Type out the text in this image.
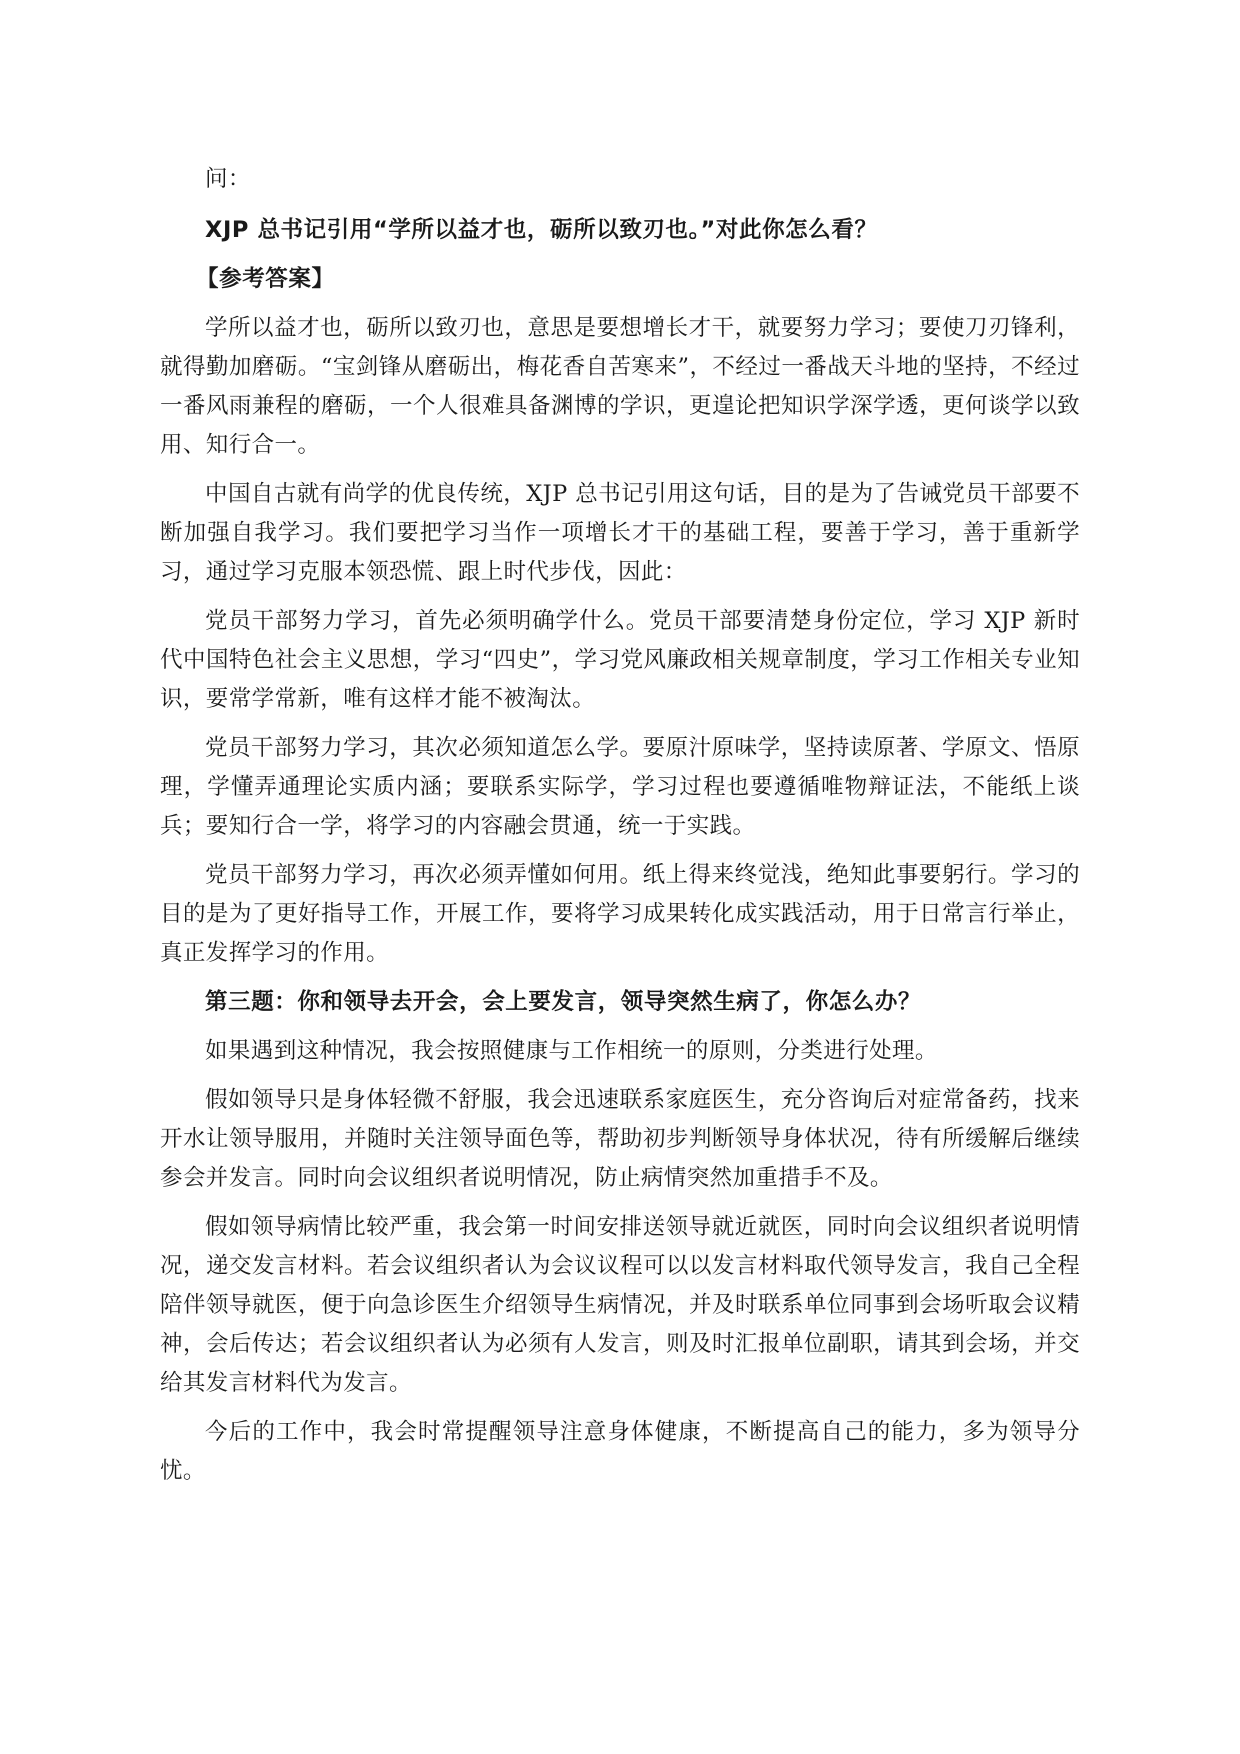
问：

XJP 总书记引用“学所以益才也，砺所以致刃也。”对此你怎么看？

【参考答案】

学所以益才也，砺所以致刃也，意思是要想增长才干，就要努力学习；要使刀刃锋利，就得勤加磨砺。“宝剑锋从磨砺出，梅花香自苦寒来”，不经过一番战天斗地的坚持，不经过一番风雨兼程的磨砺，一个人很难具备渊博的学识，更遑论把知识学深学透，更何谈学以致用、知行合一。

中国自古就有尚学的优良传统，XJP 总书记引用这句话，目的是为了告诫党员干部要不断加强自我学习。我们要把学习当作一项增长才干的基础工程，要善于学习，善于重新学习，通过学习克服本领恐慌、跟上时代步伐，因此：

党员干部努力学习，首先必须明确学什么。党员干部要清楚身份定位，学习 XJP 新时代中国特色社会主义思想，学习“四史”，学习党风廉政相关规章制度，学习工作相关专业知识，要常学常新，唯有这样才能不被淘汰。

党员干部努力学习，其次必须知道怎么学。要原汁原味学，坚持读原著、学原文、悟原理，学懂弄通理论实质内涵；要联系实际学，学习过程也要遵循唯物辩证法，不能纸上谈兵；要知行合一学，将学习的内容融会贯通，统一于实践。

党员干部努力学习，再次必须弄懂如何用。纸上得来终觉浅，绝知此事要躬行。学习的目的是为了更好指导工作，开展工作，要将学习成果转化成实践活动，用于日常言行举止，真正发挥学习的作用。

第三题：你和领导去开会，会上要发言，领导突然生病了，你怎么办？

如果遇到这种情况，我会按照健康与工作相统一的原则，分类进行处理。

假如领导只是身体轻微不舒服，我会迅速联系家庭医生，充分咨询后对症常备药，找来开水让领导服用，并随时关注领导面色等，帮助初步判断领导身体状况，待有所缓解后继续参会并发言。同时向会议组织者说明情况，防止病情突然加重措手不及。

假如领导病情比较严重，我会第一时间安排送领导就近就医，同时向会议组织者说明情况，递交发言材料。若会议组织者认为会议议程可以以发言材料取代领导发言，我自己全程陪伴领导就医，便于向急诊医生介绍领导生病情况，并及时联系单位同事到会场听取会议精神，会后传达；若会议组织者认为必须有人发言，则及时汇报单位副职，请其到会场，并交给其发言材料代为发言。

今后的工作中，我会时常提醒领导注意身体健康，不断提高自己的能力，多为领导分忧。
